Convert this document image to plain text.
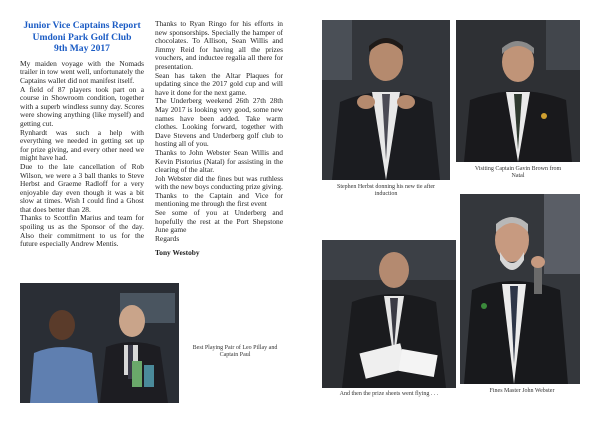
Junior Vice Captains Report
Umdoni Park Golf Club
9th May 2017

My maiden voyage with the Nomads trailer in tow went well, unfortunately the Captains wallet did not manifest itself.

A field of 87 players took part on a course in Showroom condition, together with a superb windless sunny day. Scores were showing anything (like myself) and getting cut.

Rynhardt was such a help with everything we needed in getting set up for prize giving, and every other need we might have had.

Due to the late cancellation of Rob Wilson, we were a 3 ball thanks to Steve Herbst and Graeme Radloff for a very enjoyable day even though it was a bit slow at times. Wish I could find a Ghost that does better than 28.

Thanks to Scottfin Marius and team for spoiling us as the Sponsor of the day. Also their commitment to us for the future especially Andrew Mentis.

Thanks to Ryan Ringo for his efforts in new sponsorships. Specially the hamper of chocolates. To Allison, Sean Willis and Jimmy Reid for having all the prizes vouchers, and inductee regalia all there for presentation.

Sean has taken the Altar Plaques for updating since the 2017 gold cup and will have it done for the next game.

The Underberg weekend 26th 27th 28th May 2017 is looking very good, some new names have been added. Take warm clothes. Looking forward, together with Dave Stevens and Underberg golf club to hosting all of you.

Thanks to John Webster Sean Willis and Kevin Pistorius (Natal) for assisting in the clearing of the altar.

Joh Webster did the fines but was ruthless with the new boys conducting prize giving.

Thanks to the Captain and Vice for mentioning me through the first event

See some of you at Underberg and hopefully the rest at the Port Shepstone June game

Regards

Tony Westoby

Best Playing Pair of Leo Pillay and Captain Paul
Stephen Herbst donning his new tie after induction
Visiting Captain Gavin Brown from Natal
And then the prize sheets went flying . . .	Fines Master John Webster
